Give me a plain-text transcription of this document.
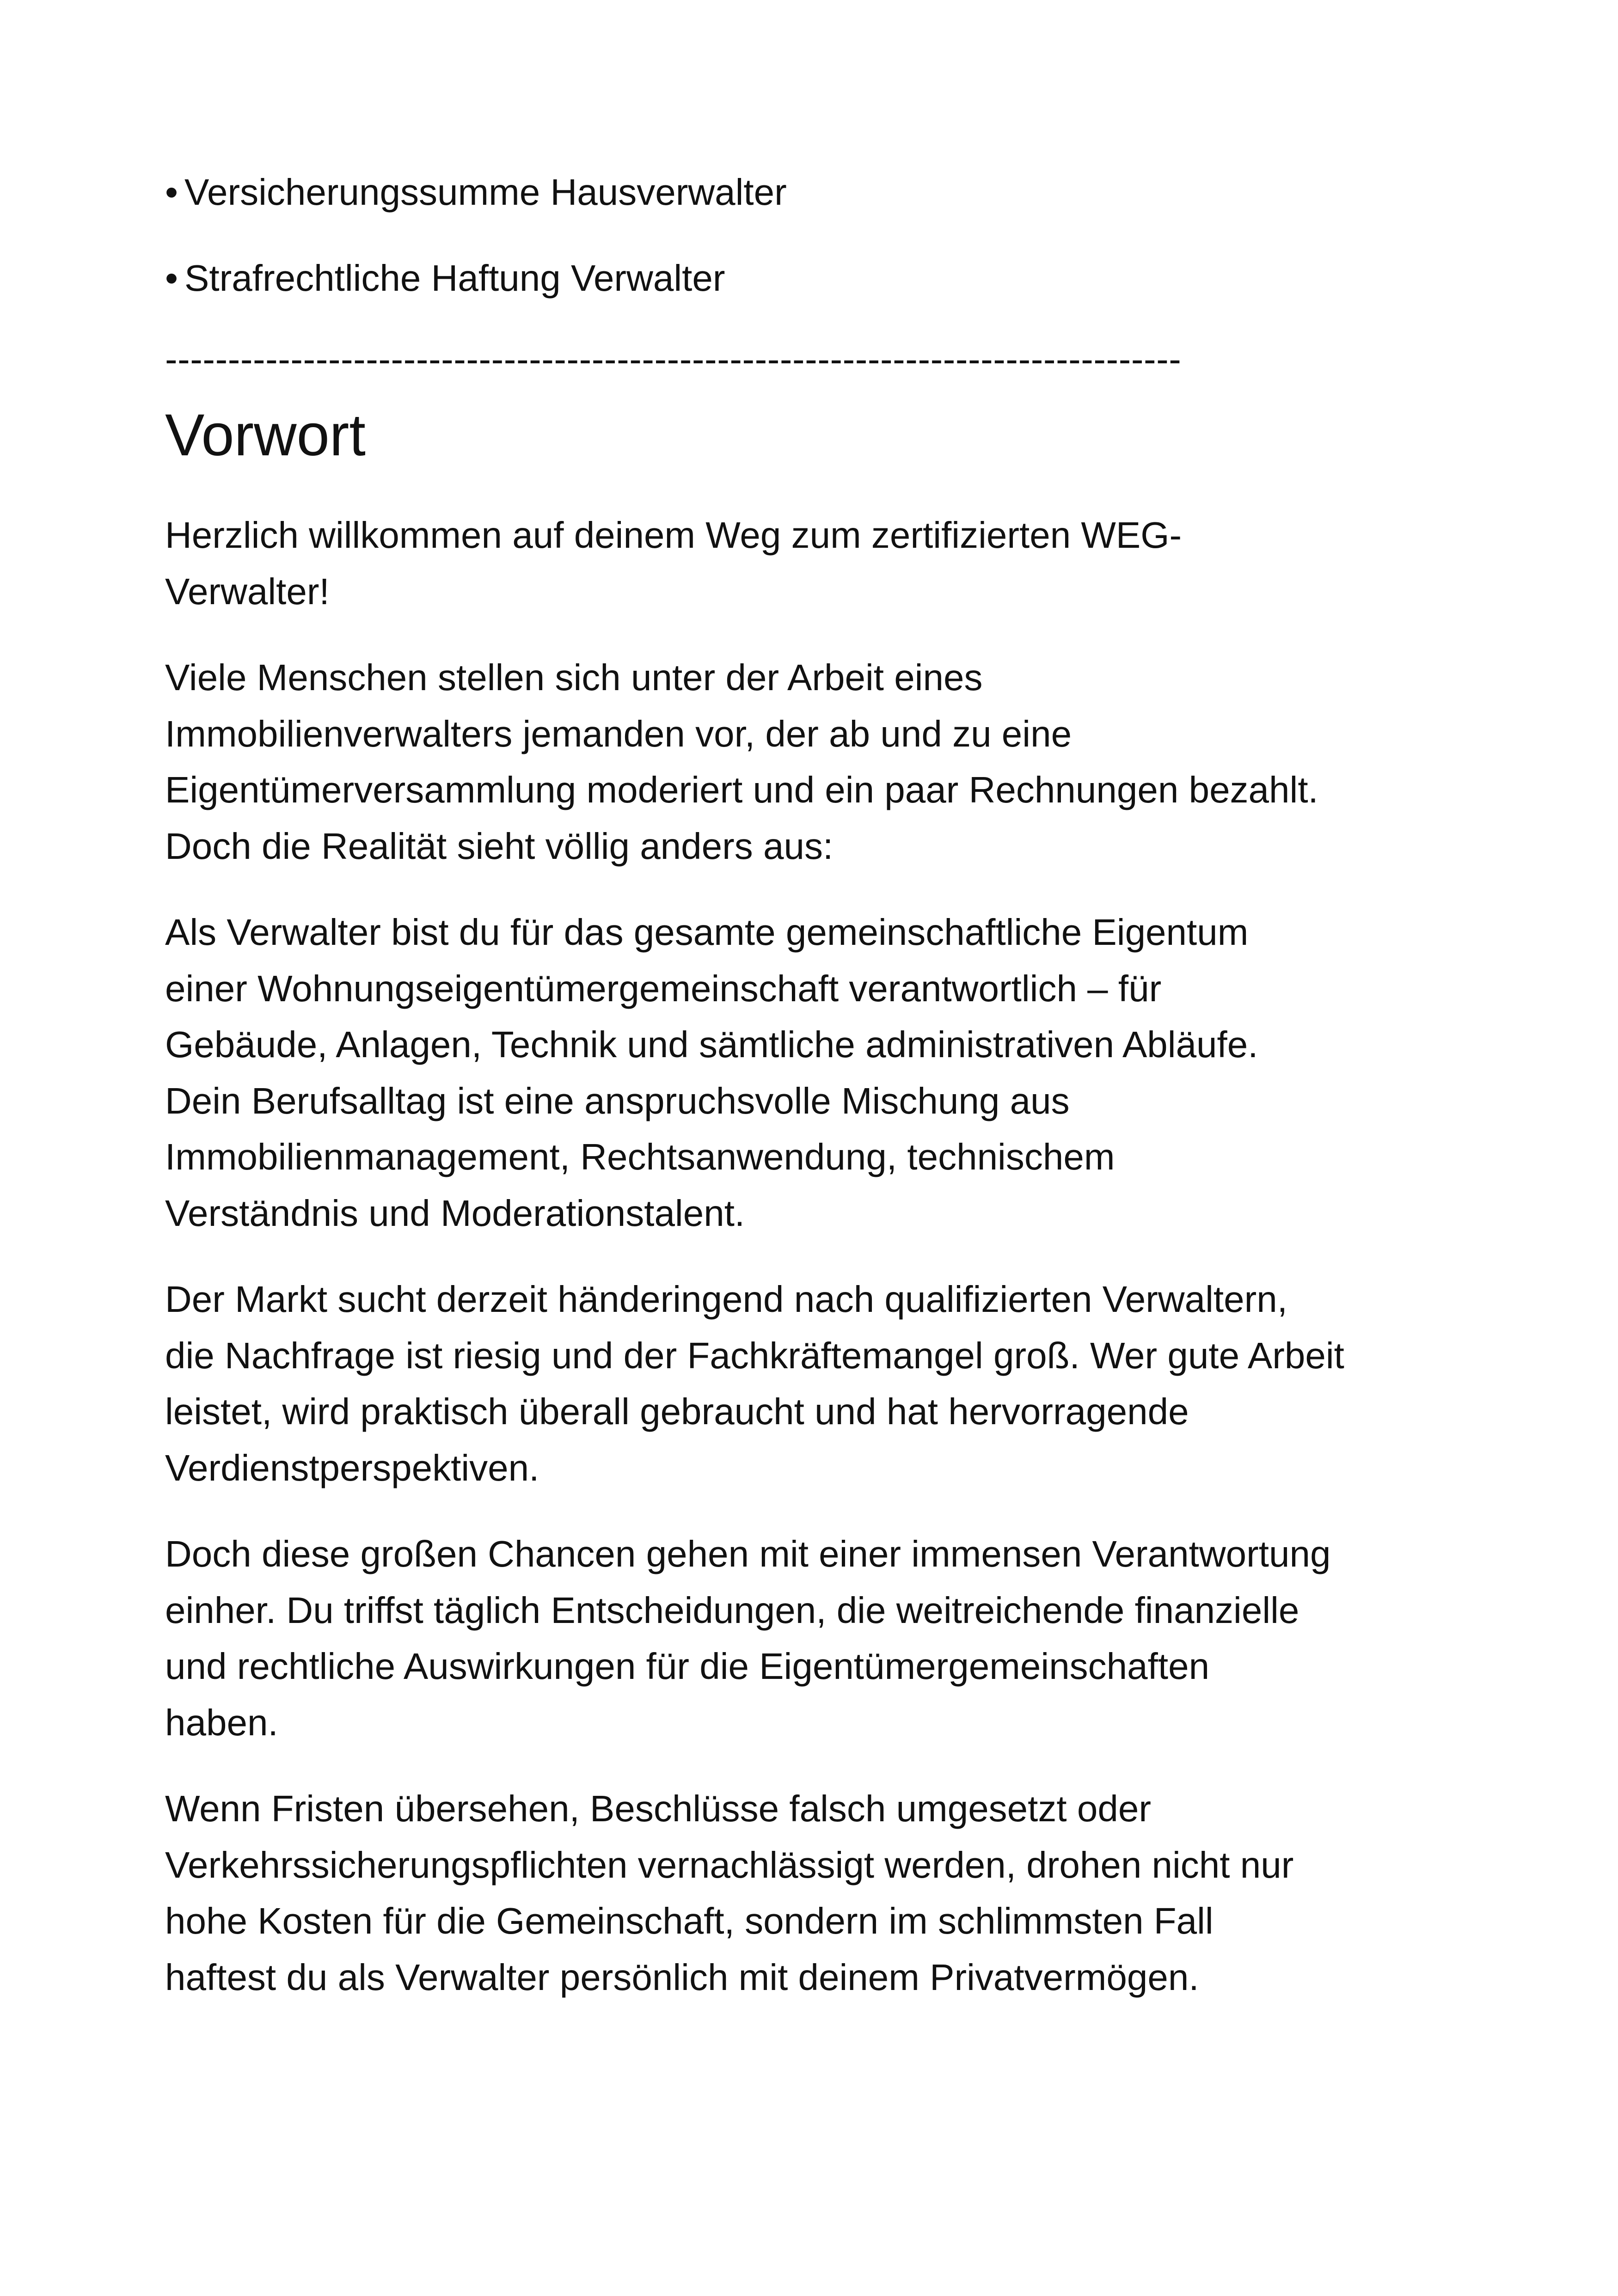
• Versicherungssumme Hausverwalter
• Strafrechtliche Haftung Verwalter
---------------------------------------------------------------------------------
Vorwort
Herzlich willkommen auf deinem Weg zum zertifizierten WEG-
Verwalter!
Viele Menschen stellen sich unter der Arbeit eines
Immobilienverwalters jemanden vor, der ab und zu eine
Eigentümerversammlung moderiert und ein paar Rechnungen bezahlt.
Doch die Realität sieht völlig anders aus:
Als Verwalter bist du für das gesamte gemeinschaftliche Eigentum
einer Wohnungseigentümergemeinschaft verantwortlich – für
Gebäude, Anlagen, Technik und sämtliche administrativen Abläufe.
Dein Berufsalltag ist eine anspruchsvolle Mischung aus
Immobilienmanagement, Rechtsanwendung, technischem
Verständnis und Moderationstalent.
Der Markt sucht derzeit händeringend nach qualifizierten Verwaltern,
die Nachfrage ist riesig und der Fachkräftemangel groß. Wer gute Arbeit
leistet, wird praktisch überall gebraucht und hat hervorragende
Verdienstperspektiven.
Doch diese großen Chancen gehen mit einer immensen Verantwortung
einher. Du triffst täglich Entscheidungen, die weitreichende finanzielle
und rechtliche Auswirkungen für die Eigentümergemeinschaften
haben.
Wenn Fristen übersehen, Beschlüsse falsch umgesetzt oder
Verkehrssicherungspflichten vernachlässigt werden, drohen nicht nur
hohe Kosten für die Gemeinschaft, sondern im schlimmsten Fall
haftest du als Verwalter persönlich mit deinem Privatvermögen.
